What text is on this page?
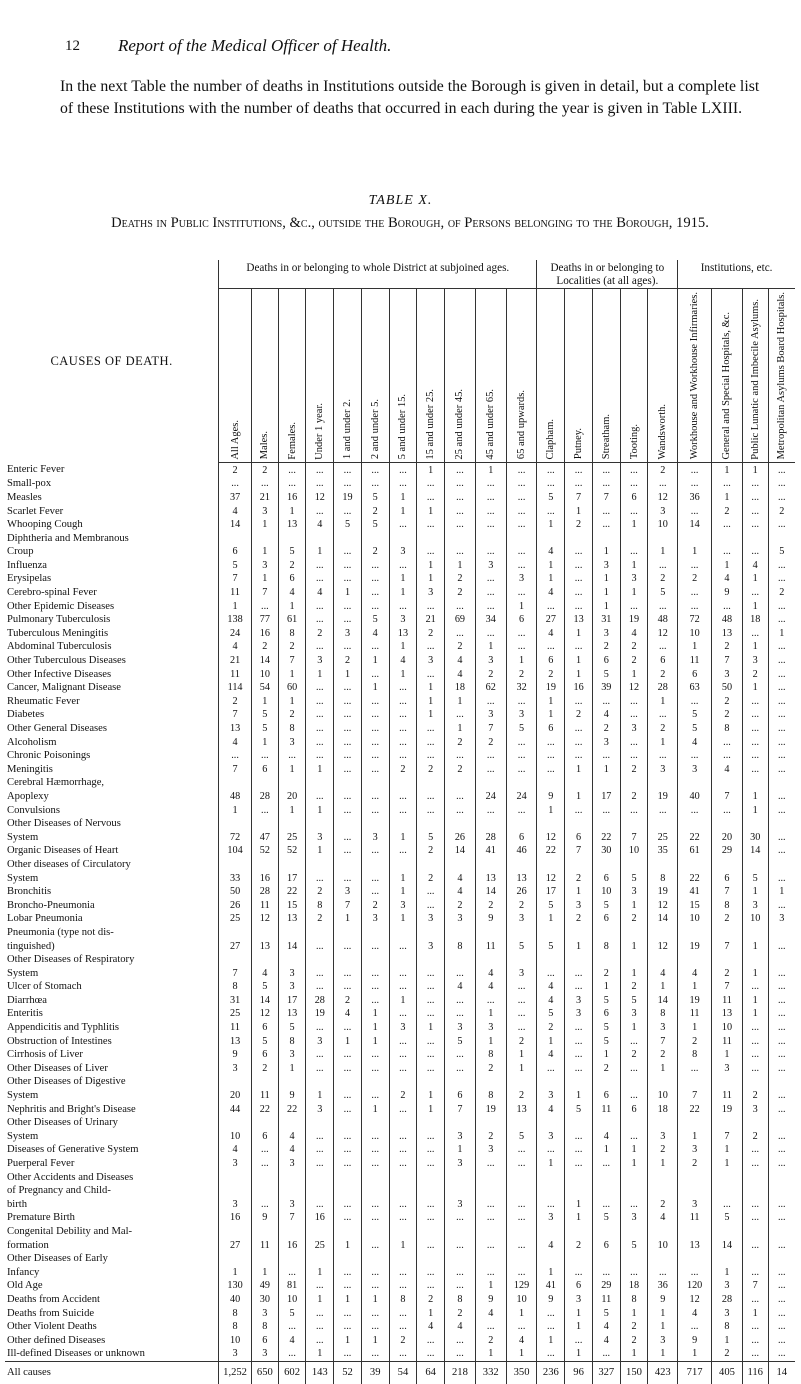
12 Report of the Medical Officer of Health.
In the next Table the number of deaths in Institutions outside the Borough is given in detail, but a complete list of these Institutions with the number of deaths that occurred in each during the year is given in Table LXIII.
TABLE X.
Deaths in Public Institutions, &c., outside the Borough, of Persons belonging to the Borough, 1915.
CAUSES OF DEATH.	Deaths in or belonging to whole District at subjoined ages.											Deaths in or belonging to Localities (at all ages).					Institutions, etc.			
	All Ages.	Males.	Females.	Under 1 year.	1 and under 2.	2 and under 5.	5 and under 15.	15 and under 25.	25 and under 45.	45 and under 65.	65 and upwards.	Clapham.	Putney.	Streatham.	Tooting.	Wandsworth.	Workhouse and Workhouse Infirmaries.	General and Special Hospitals, &c.	Public Lunatic and Imbecile Asylums.	Metropolitan Asylums Board Hospitals.
Enteric Fever	2	2	...	...	...	...	...	1	...	1	...	...	...	...	...	2	...	1	1	...
Small-pox	...	...	...	...	...	...	...	...	...	...	...	...	...	...	...	...	...	...	...	...
Measles	37	21	16	12	19	5	1	...	...	...	...	5	7	7	6	12	36	1	...	...
Scarlet Fever	4	3	1	...	...	2	1	1	...	...	...	...	1	...	...	3	...	2	...	2
Whooping Cough	14	1	13	4	5	5	...	...	...	...	...	1	2	...	1	10	14	...	...	...
Diphtheria and Membranous																				
Croup	6	1	5	1	...	2	3	...	...	...	...	4	...	1	...	1	1	...	...	5
Influenza	5	3	2	...	...	...	...	1	1	3	...	1	...	3	1	...	...	1	4	...
Erysipelas	7	1	6	...	...	...	1	1	2	...	3	1	...	1	3	2	2	4	1	...
Cerebro-spinal Fever	11	7	4	4	1	...	1	3	2	...	...	4	...	1	1	5	...	9	...	2
Other Epidemic Diseases	1	...	1	...	...	...	...	...	...	...	1	...	...	1	...	...	...	...	1	...
Pulmonary Tuberculosis	138	77	61	...	...	5	3	21	69	34	6	27	13	31	19	48	72	48	18	...
Tuberculous Meningitis	24	16	8	2	3	4	13	2	...	...	...	4	1	3	4	12	10	13	...	1
Abdominal Tuberculosis	4	2	2	...	...	...	1	...	2	1	...	...	...	2	2	...	1	2	1	...
Other Tuberculous Diseases	21	14	7	3	2	1	4	3	4	3	1	6	1	6	2	6	11	7	3	...
Other Infective Diseases	11	10	1	1	1	...	1	...	4	2	2	2	1	5	1	2	6	3	2	...
Cancer, Malignant Disease	114	54	60	...	...	1	...	1	18	62	32	19	16	39	12	28	63	50	1	...
Rheumatic Fever	2	1	1	...	...	...	...	1	1	...	...	1	...	...	...	1	...	2	...	...
Diabetes	7	5	2	...	...	...	...	1	...	3	3	1	2	4	...	...	5	2	...	...
Other General Diseases	13	5	8	...	...	...	...	...	1	7	5	6	...	2	3	2	5	8	...	...
Alcoholism	4	1	3	...	...	...	...	...	2	2	...	...	...	3	...	1	4	...	...	...
Chronic Poisonings	...	...	...	...	...	...	...	...	...	...	...	...	...	...	...	...	...	...	...	...
Meningitis	7	6	1	1	...	...	2	2	2	...	...	...	1	1	2	3	3	4	...	...
Cerebral Hæmorrhage,																				
Apoplexy	48	28	20	...	...	...	...	...	...	24	24	9	1	17	2	19	40	7	1	...
Convulsions	1	...	1	1	...	...	...	...	...	...	...	1	...	...	...	...	...	...	1	...
Other Diseases of Nervous																				
System	72	47	25	3	...	3	1	5	26	28	6	12	6	22	7	25	22	20	30	...
Organic Diseases of Heart	104	52	52	1	...	...	...	2	14	41	46	22	7	30	10	35	61	29	14	...
Other diseases of Circulatory																				
System	33	16	17	...	...	...	1	2	4	13	13	12	2	6	5	8	22	6	5	...
Bronchitis	50	28	22	2	3	...	1	...	4	14	26	17	1	10	3	19	41	7	1	1
Broncho-Pneumonia	26	11	15	8	7	2	3	...	2	2	2	5	3	5	1	12	15	8	3	...
Lobar Pneumonia	25	12	13	2	1	3	1	3	3	9	3	1	2	6	2	14	10	2	10	3
Pneumonia (type not dis-																				
tinguished)	27	13	14	...	...	...	...	3	8	11	5	5	1	8	1	12	19	7	1	...
Other Diseases of Respiratory																				
System	7	4	3	...	...	...	...	...	...	4	3	...	...	2	1	4	4	2	1	...
Ulcer of Stomach	8	5	3	...	...	...	...	...	4	4	...	4	...	1	2	1	1	7	...	...
Diarrhœa	31	14	17	28	2	...	1	...	...	...	...	4	3	5	5	14	19	11	1	...
Enteritis	25	12	13	19	4	1	...	...	...	1	...	5	3	6	3	8	11	13	1	...
Appendicitis and Typhlitis	11	6	5	...	...	1	3	1	3	3	...	2	...	5	1	3	1	10	...	...
Obstruction of Intestines	13	5	8	3	1	1	...	...	5	1	2	1	...	5	...	7	2	11	...	...
Cirrhosis of Liver	9	6	3	...	...	...	...	...	...	8	1	4	...	1	2	2	8	1	...	...
Other Diseases of Liver	3	2	1	...	...	...	...	...	...	2	1	...	...	2	...	1	...	3	...	...
Other Diseases of Digestive																				
System	20	11	9	1	...	...	2	1	6	8	2	3	1	6	...	10	7	11	2	...
Nephritis and Bright's Disease	44	22	22	3	...	1	...	1	7	19	13	4	5	11	6	18	22	19	3	...
Other Diseases of Urinary																				
System	10	6	4	...	...	...	...	...	3	2	5	3	...	4	...	3	1	7	2	...
Diseases of Generative System	4	...	4	...	...	...	...	...	1	3	...	...	...	1	1	2	3	1	...	...
Puerperal Fever	3	...	3	...	...	...	...	...	3	...	...	1	...	...	1	1	2	1	...	...
Other Accidents and Diseases																				
of Pregnancy and Child-																				
birth	3	...	3	...	...	...	...	...	3	...	...	...	1	...	...	2	3	...	...	...
Premature Birth	16	9	7	16	...	...	...	...	...	...	...	3	1	5	3	4	11	5	...	...
Congenital Debility and Mal-																				
formation	27	11	16	25	1	...	1	...	...	...	...	4	2	6	5	10	13	14	...	...
Other Diseases of Early																				
Infancy	1	1	...	1	...	...	...	...	...	...	...	1	...	...	...	...	...	1	...	...
Old Age	130	49	81	...	...	...	...	...	...	1	129	41	6	29	18	36	120	3	7	...
Deaths from Accident	40	30	10	1	1	1	8	2	8	9	10	9	3	11	8	9	12	28	...	...
Deaths from Suicide	8	3	5	...	...	...	...	1	2	4	1	...	1	5	1	1	4	3	1	...
Other Violent Deaths	8	8	...	...	...	...	...	4	4	...	...	...	1	4	2	1	...	8	...	...
Other defined Diseases	10	6	4	...	1	1	2	...	...	2	4	1	...	4	2	3	9	1	...	...
Ill-defined Diseases or unknown	3	3	...	1	...	...	...	...	...	1	1	...	1	...	1	1	1	2	...	...
All causes	1,252	650	602	143	52	39	54	64	218	332	350	236	96	327	150	423	717	405	116	14
